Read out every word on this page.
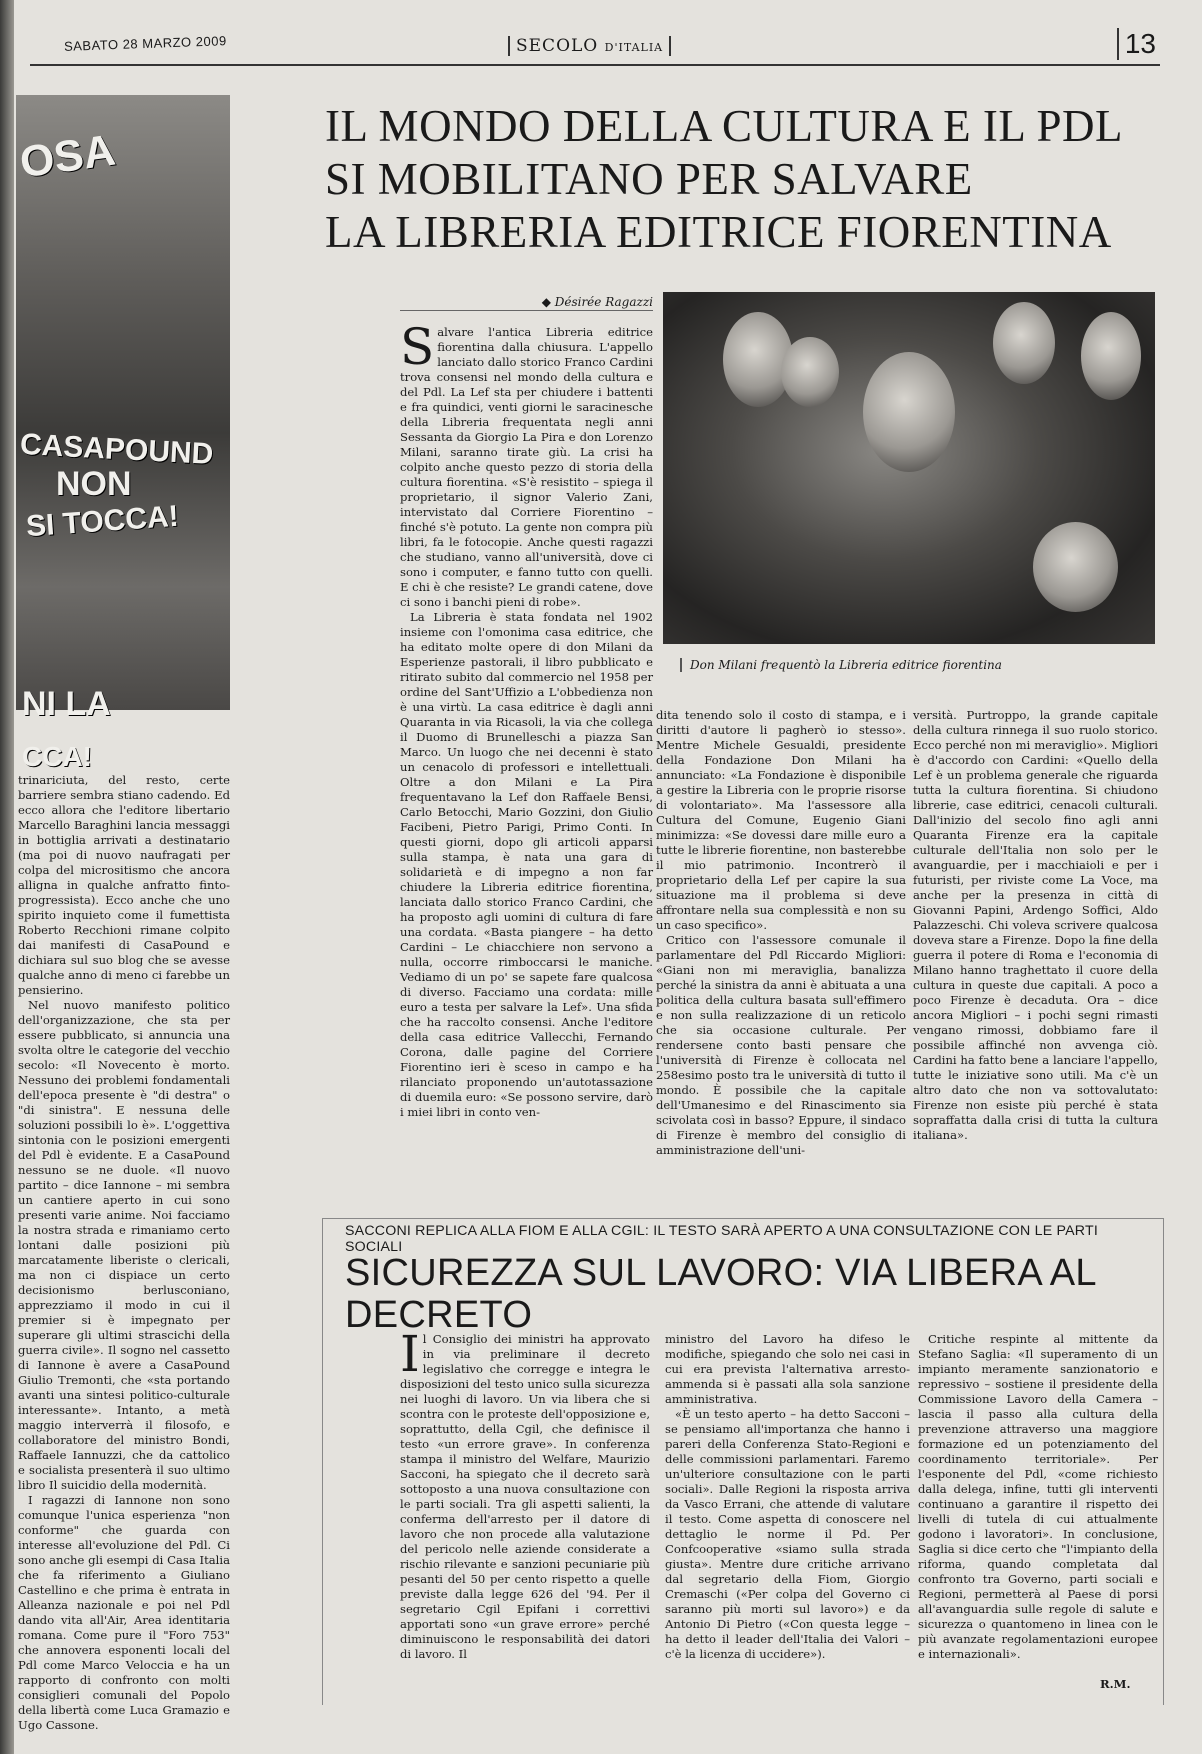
SABATO 28 MARZO 2009	SECOLO D'ITALIA	13
OSA
CASAPOUND
NON
SI TOCCA!
NI LA
CCA!
IL MONDO DELLA CULTURA E IL PDL
SI MOBILITANO PER SALVARE
LA LIBRERIA EDITRICE FIORENTINA
◆ Désirée Ragazzi

Salvare l'antica Libreria editrice fiorentina dalla chiusura. L'appello lanciato dallo storico Franco Cardini trova consensi nel mondo della cultura e del Pdl. La Lef sta per chiudere i battenti e fra quindici, venti giorni le saracinesche della Libreria frequentata negli anni Sessanta da Giorgio La Pira e don Lorenzo Milani, saranno tirate giù. La crisi ha colpito anche questo pezzo di storia della cultura fiorentina. «S'è resistito – spiega il proprietario, il signor Valerio Zani, intervistato dal Corriere Fiorentino – finché s'è potuto. La gente non compra più libri, fa le fotocopie. Anche questi ragazzi che studiano, vanno all'università, dove ci sono i computer, e fanno tutto con quelli. E chi è che resiste? Le grandi catene, dove ci sono i banchi pieni di robe».

La Libreria è stata fondata nel 1902 insieme con l'omonima casa editrice, che ha editato molte opere di don Milani da Esperienze pastorali, il libro pubblicato e ritirato subito dal commercio nel 1958 per ordine del Sant'Uffizio a L'obbedienza non è una virtù. La casa editrice è dagli anni Quaranta in via Ricasoli, la via che collega il Duomo di Brunelleschi a piazza San Marco. Un luogo che nei decenni è stato un cenacolo di professori e intellettuali. Oltre a don Milani e La Pira frequentavano la Lef don Raffaele Bensi, Carlo Betocchi, Mario Gozzini, don Giulio Facibeni, Pietro Parigi, Primo Conti. In questi giorni, dopo gli articoli apparsi sulla stampa, è nata una gara di solidarietà e di impegno a non far chiudere la Libreria editrice fiorentina, lanciata dallo storico Franco Cardini, che ha proposto agli uomini di cultura di fare una cordata. «Basta piangere – ha detto Cardini – Le chiacchiere non servono a nulla, occorre rimboccarsi le maniche. Vediamo di un po' se sapete fare qualcosa di diverso. Facciamo una cordata: mille euro a testa per salvare la Lef». Una sfida che ha raccolto consensi. Anche l'editore della casa editrice Vallecchi, Fernando Corona, dalle pagine del Corriere Fiorentino ieri è sceso in campo e ha rilanciato proponendo un'autotassazione di duemila euro: «Se possono servire, darò i miei libri in conto ven-

Don Milani frequentò la Libreria editrice fiorentina

dita tenendo solo il costo di stampa, e i diritti d'autore li pagherò io stesso». Mentre Michele Gesualdi, presidente della Fondazione Don Milani ha annunciato: «La Fondazione è disponibile a gestire la Libreria con le proprie risorse di volontariato». Ma l'assessore alla Cultura del Comune, Eugenio Giani minimizza: «Se dovessi dare mille euro a tutte le librerie fiorentine, non basterebbe il mio patrimonio. Incontrerò il proprietario della Lef per capire la sua situazione ma il problema si deve affrontare nella sua complessità e non su un caso specifico».

Critico con l'assessore comunale il parlamentare del Pdl Riccardo Migliori: «Giani non mi meraviglia, banalizza perché la sinistra da anni è abituata a una politica della cultura basata sull'effimero e non sulla realizzazione di un reticolo che sia occasione culturale. Per rendersene conto basti pensare che l'università di Firenze è collocata nel 258esimo posto tra le università di tutto il mondo. È possibile che la capitale dell'Umanesimo e del Rinascimento sia scivolata così in basso? Eppure, il sindaco di Firenze è membro del consiglio di amministrazione dell'uni-

versità. Purtroppo, la grande capitale della cultura rinnega il suo ruolo storico. Ecco perché non mi meraviglio». Migliori è d'accordo con Cardini: «Quello della Lef è un problema generale che riguarda tutta la cultura fiorentina. Si chiudono librerie, case editrici, cenacoli culturali. Dall'inizio del secolo fino agli anni Quaranta Firenze era la capitale culturale dell'Italia non solo per le avanguardie, per i macchiaioli e per i futuristi, per riviste come La Voce, ma anche per la presenza in città di Giovanni Papini, Ardengo Soffici, Aldo Palazzeschi. Chi voleva scrivere qualcosa doveva stare a Firenze. Dopo la fine della guerra il potere di Roma e l'economia di Milano hanno traghettato il cuore della cultura in queste due capitali. A poco a poco Firenze è decaduta. Ora – dice ancora Migliori – i pochi segni rimasti vengano rimossi, dobbiamo fare il possibile affinché non avvenga ciò. Cardini ha fatto bene a lanciare l'appello, tutte le iniziative sono utili. Ma c'è un altro dato che non va sottovalutato: Firenze non esiste più perché è stata sopraffatta dalla crisi di tutta la cultura italiana».

trinariciuta, del resto, certe barriere sembra stiano cadendo. Ed ecco allora che l'editore libertario Marcello Baraghini lancia messaggi in bottiglia arrivati a destinatario (ma poi di nuovo naufragati per colpa del micrositismo che ancora alligna in qualche anfratto finto-progressista). Ecco anche che uno spirito inquieto come il fumettista Roberto Recchioni rimane colpito dai manifesti di CasaPound e dichiara sul suo blog che se avesse qualche anno di meno ci farebbe un pensierino.

Nel nuovo manifesto politico dell'organizzazione, che sta per essere pubblicato, si annuncia una svolta oltre le categorie del vecchio secolo: «Il Novecento è morto. Nessuno dei problemi fondamentali dell'epoca presente è "di destra" o "di sinistra". E nessuna delle soluzioni possibili lo è». L'oggettiva sintonia con le posizioni emergenti del Pdl è evidente. E a CasaPound nessuno se ne duole. «Il nuovo partito – dice Iannone – mi sembra un cantiere aperto in cui sono presenti varie anime. Noi facciamo la nostra strada e rimaniamo certo lontani dalle posizioni più marcatamente liberiste o clericali, ma non ci dispiace un certo decisionismo berlusconiano, apprezziamo il modo in cui il premier si è impegnato per superare gli ultimi strascichi della guerra civile». Il sogno nel cassetto di Iannone è avere a CasaPound Giulio Tremonti, che «sta portando avanti una sintesi politico-culturale interessante». Intanto, a metà maggio interverrà il filosofo, e collaboratore del ministro Bondi, Raffaele Iannuzzi, che da cattolico e socialista presenterà il suo ultimo libro Il suicidio della modernità.

I ragazzi di Iannone non sono comunque l'unica esperienza "non conforme" che guarda con interesse all'evoluzione del Pdl. Ci sono anche gli esempi di Casa Italia che fa riferimento a Giuliano Castellino e che prima è entrata in Alleanza nazionale e poi nel Pdl dando vita all'Air, Area identitaria romana. Come pure il "Foro 753" che annovera esponenti locali del Pdl come Marco Veloccia e ha un rapporto di confronto con molti consiglieri comunali del Popolo della libertà come Luca Gramazio e Ugo Cassone.

SACCONI REPLICA ALLA FIOM E ALLA CGIL: IL TESTO SARÀ APERTO A UNA CONSULTAZIONE CON LE PARTI SOCIALI
SICUREZZA SUL LAVORO: VIA LIBERA AL DECRETO

Il Consiglio dei ministri ha approvato in via preliminare il decreto legislativo che corregge e integra le disposizioni del testo unico sulla sicurezza nei luoghi di lavoro. Un via libera che si scontra con le proteste dell'opposizione e, soprattutto, della Cgil, che definisce il testo «un errore grave». In conferenza stampa il ministro del Welfare, Maurizio Sacconi, ha spiegato che il decreto sarà sottoposto a una nuova consultazione con le parti sociali. Tra gli aspetti salienti, la conferma dell'arresto per il datore di lavoro che non procede alla valutazione del pericolo nelle aziende considerate a rischio rilevante e sanzioni pecuniarie più pesanti del 50 per cento rispetto a quelle previste dalla legge 626 del '94. Per il segretario Cgil Epifani i correttivi apportati sono «un grave errore» perché diminuiscono le responsabilità dei datori di lavoro. Il

ministro del Lavoro ha difeso le modifiche, spiegando che solo nei casi in cui era prevista l'alternativa arresto-ammenda si è passati alla sola sanzione amministrativa.

«È un testo aperto – ha detto Sacconi – se pensiamo all'importanza che hanno i pareri della Conferenza Stato-Regioni e delle commissioni parlamentari. Faremo un'ulteriore consultazione con le parti sociali». Dalle Regioni la risposta arriva da Vasco Errani, che attende di valutare il testo. Come aspetta di conoscere nel dettaglio le norme il Pd. Per Confcooperative «siamo sulla strada giusta». Mentre dure critiche arrivano dal segretario della Fiom, Giorgio Cremaschi («Per colpa del Governo ci saranno più morti sul lavoro») e da Antonio Di Pietro («Con questa legge – ha detto il leader dell'Italia dei Valori – c'è la licenza di uccidere»).

Critiche respinte al mittente da Stefano Saglia: «Il superamento di un impianto meramente sanzionatorio e repressivo – sostiene il presidente della Commissione Lavoro della Camera – lascia il passo alla cultura della prevenzione attraverso una maggiore formazione ed un potenziamento del coordinamento territoriale». Per l'esponente del Pdl, «come richiesto dalla delega, infine, tutti gli interventi continuano a garantire il rispetto dei livelli di tutela di cui attualmente godono i lavoratori». In conclusione, Saglia si dice certo che "l'impianto della riforma, quando completata dal confronto tra Governo, parti sociali e Regioni, permetterà al Paese di porsi all'avanguardia sulle regole di salute e sicurezza o quantomeno in linea con le più avanzate regolamentazioni europee e internazionali».

R.M.
